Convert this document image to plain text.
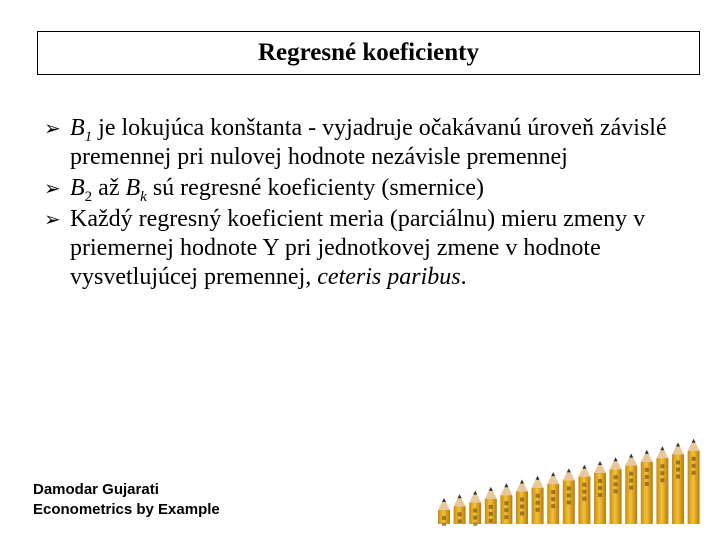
Regresné koeficienty

➢ $B_1$ je lokujúca konštanta - vyjadruje očakávanú úroveň závislé premennej pri nulovej hodnote nezávisle premennej

➢ $B_2$ až $B_k$ sú regresné koeficienty (smernice)

➢ Každý regresný koeficient meria (parciálnu) mieru zmeny v priemernej hodnote Y pri jednotkovej zmene v hodnote vysvetlujúcej premennej, ceteris paribus.

Damodar Gujarati
Econometrics by Example
